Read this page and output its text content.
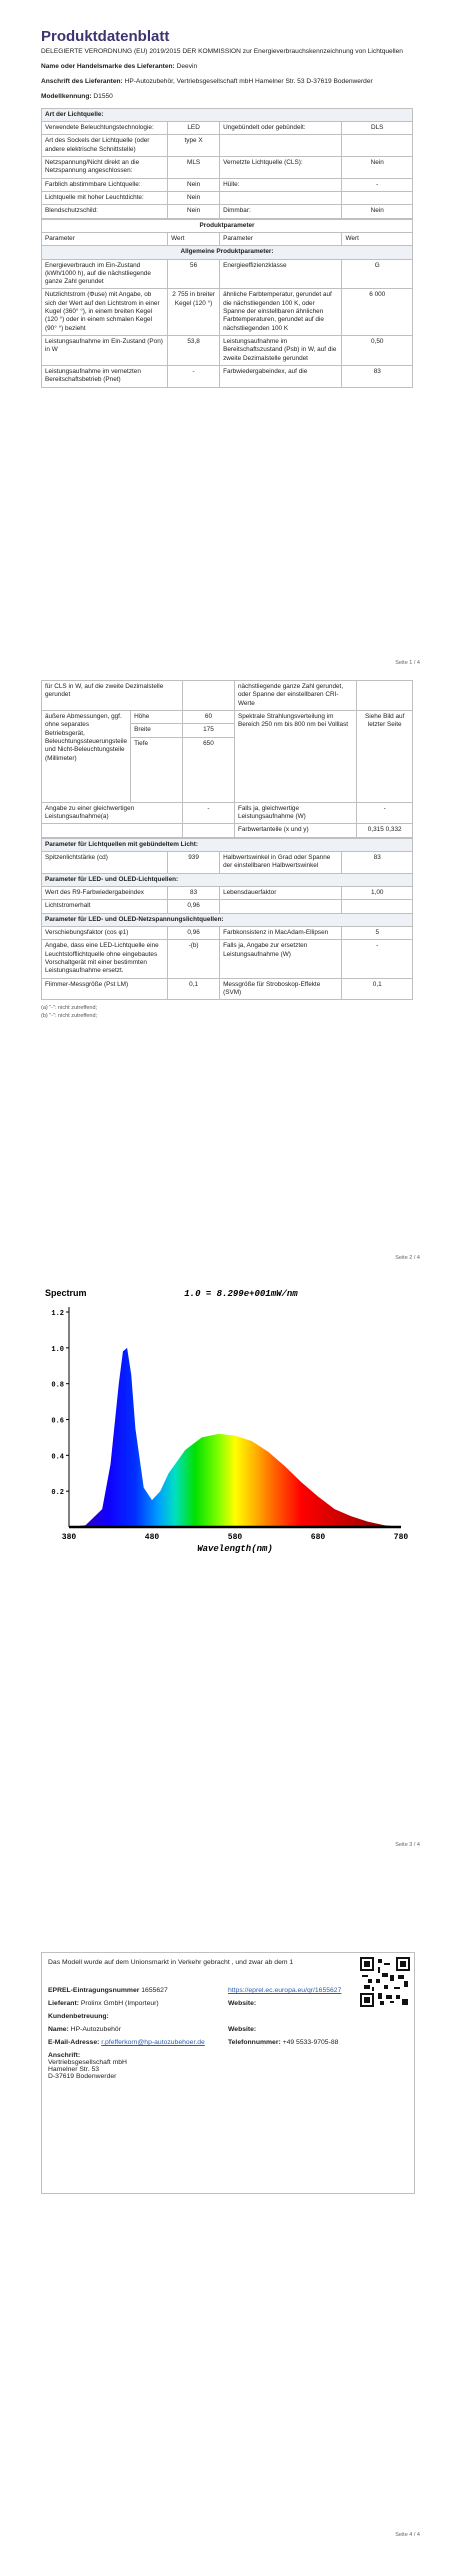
Produktdatenblatt
DELEGIERTE VERORDNUNG (EU) 2019/2015 DER KOMMISSION zur Energieverbrauchskennzeichnung von Lichtquellen
Name oder Handelsmarke des Lieferanten: Deevin
Anschrift des Lieferanten: HP-Autozubehör, Vertriebsgesellschaft mbH Hamelner Str. 53 D-37619 Bodenwerder
Modellkennung: D1550
Art der Lichtquelle:			
Verwendete Beleuchtungstechnologie:	LED	Ungebündelt oder gebündelt:	DLS
Art des Sockels der Lichtquelle (oder andere elektrische Schnittstelle)	type X		
Netzspannung/Nicht direkt an die Netzspannung angeschlossen:	MLS	Vernetzte Lichtquelle (CLS):	Nein
Farblich abstimmbare Lichtquelle:	Nein	Hülle:	-
Lichtquelle mit hoher Leuchtdichte:	Nein		
Blendschutzschild:	Nein	Dimmbar:	Nein
Produktparameter			
Parameter	Wert	Parameter	Wert
Allgemeine Produktparameter:			
Energieverbrauch im Ein-Zustand (kWh/1000 h), auf die nächstliegende ganze Zahl gerundet	56	Energieeffizienzklasse	G
Nutzlichtstrom (Φuse) mit Angabe, ob sich der Wert auf den Lichtstrom in einer Kugel (360° °), in einem breiten Kegel (120 °) oder in einem schmalen Kegel (90° °) bezieht	2 755 in breiter Kegel (120 °)	ähnliche Farbtemperatur, gerundet auf die nächstliegenden 100 K, oder Spanne der einstellbaren ähnlichen Farbtemperaturen, gerundet auf die nächstliegenden 100 K	6 000
Leistungsaufnahme im Ein-Zustand (Pon) in W	53,8	Leistungsaufnahme im Bereitschaftszustand (Psb) in W, auf die zweite Dezimalstelle gerundet	0,50
Leistungsaufnahme im vernetzten Bereitschaftsbetrieb (Pnet)	-	Farbwiedergabeindex, auf die	83
Seite 1 / 4
für CLS in W, auf die zweite Dezimalstelle gerundet			nächstliegende ganze Zahl gerundet, oder Spanne der einstellbaren CRI-Werte	
äußere Abmessungen, ggf. ohne separates Betriebsgerät, Beleuchtungssteuerungsteile und Nicht-Beleuchtungsteile (Millimeter)	Höhe	60	Spektrale Strahlungsverteilung im Bereich 250 nm bis 800 nm bei Volllast	Siehe Bild auf letzter Seite
	Breite	175		
	Tiefe	650		
Angabe zu einer gleichwertigen Leistungsaufnahme(a)		-	Falls ja, gleichwertige Leistungsaufnahme (W)	-
			Farbwertanteile (x und y)	0,315 0,332
Parameter für Lichtquellen mit gebündeltem Licht:			
Spitzenlichtstärke (cd)	939	Halbwertswinkel in Grad oder Spanne der einstellbaren Halbwertswinkel	83
Parameter für LED- und OLED-Lichtquellen:			
Wert des R9-Farbwiedergabeindex	83	Lebensdauerfaktor	1,00
Lichtstromerhalt	0,96		
Parameter für LED- und OLED-Netzspannungslichtquellen:			
Verschiebungsfaktor (cos φ1)	0,96	Farbkonsistenz in MacAdam-Ellipsen	5
Angabe, dass eine LED-Lichtquelle eine Leuchtstofflichtquelle ohne eingebautes Vorschaltgerät mit einer bestimmten Leistungsaufnahme ersetzt.	-(b)	Falls ja, Angabe zur ersetzten Leistungsaufnahme (W)	-
Flimmer-Messgröße (Pst LM)	0,1	Messgröße für Stroboskop-Effekte (SVM)	0,1
(a) "-": nicht zutreffend;
(b) "-": nicht zutreffend;
Seite 2 / 4
Spectrum	1.0 = 8.299e+001mW/nm
0.2
0.4
0.6
0.8
1.0
1.2
380	480	580	680	780
Wavelength(nm)
Seite 3 / 4
Das Modell wurde auf dem Unionsmarkt in Verkehr gebracht , und zwar ab dem 1
EPREL-Eintragungsnummer 1655627	https://eprel.ec.europa.eu/qr/1655627
Lieferant: Prolinx GmbH (Importeur)	Website:
Kundenbetreuung:
Name: HP-Autozubehör	Website:
E-Mail-Adresse: r.pfefferkorn@hp-autozubehoer.de	Telefonnummer: +49 5533-9705-88
Anschrift:
Vertriebsgesellschaft mbH
Hamelner Str. 53
D-37619 Bodenwerder
Seite 4 / 4
